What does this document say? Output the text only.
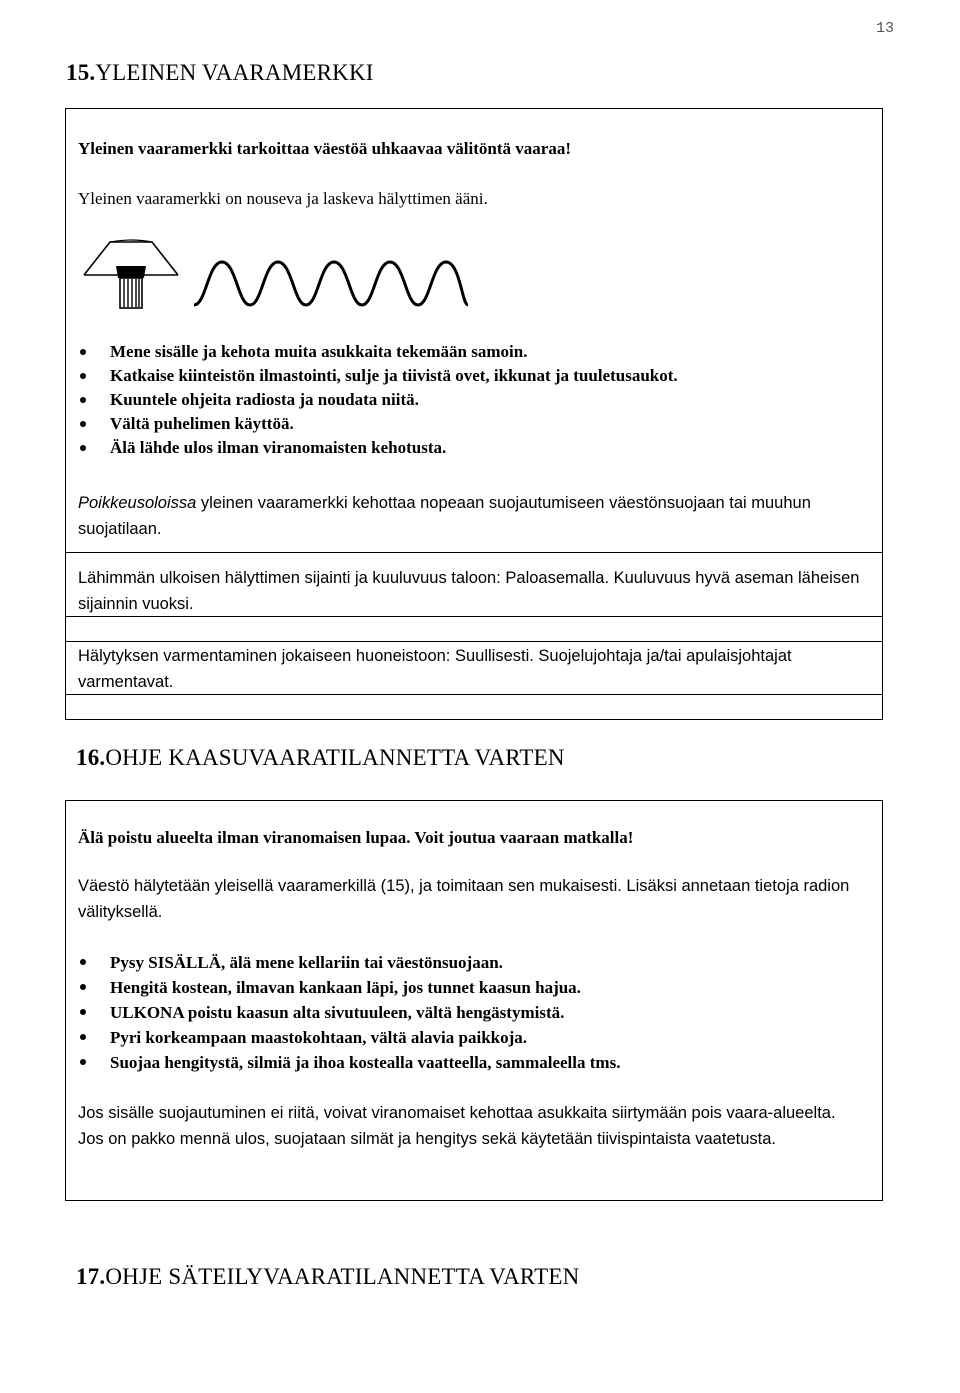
13
15.YLEINEN VAARAMERKKI

Yleinen vaaramerkki tarkoittaa väestöä uhkaavaa välitöntä vaaraa!

Yleinen vaaramerkki on nouseva ja laskeva hälyttimen ääni.

Mene sisälle ja kehota muita asukkaita tekemään samoin.
Katkaise kiinteistön ilmastointi, sulje ja tiivistä ovet, ikkunat ja tuuletusaukot.
Kuuntele ohjeita radiosta ja noudata niitä.
Vältä puhelimen käyttöä.
Älä lähde ulos ilman viranomaisten kehotusta.

Poikkeusoloissa yleinen vaaramerkki kehottaa nopeaan suojautumiseen väestönsuojaan tai muuhun suojatilaan.

Lähimmän ulkoisen hälyttimen sijainti ja kuuluvuus taloon: Paloasemalla. Kuuluvuus hyvä aseman läheisen sijainnin vuoksi.

Hälytyksen varmentaminen jokaiseen huoneistoon: Suullisesti. Suojelujohtaja ja/tai apulaisjohtajat varmentavat.

16.OHJE KAASUVAARATILANNETTA VARTEN

Älä poistu alueelta ilman viranomaisen lupaa. Voit joutua vaaraan matkalla!

Väestö hälytetään yleisellä vaaramerkillä (15), ja toimitaan sen mukaisesti. Lisäksi annetaan tietoja radion välityksellä.

Pysy SISÄLLÄ, älä mene kellariin tai väestönsuojaan.
Hengitä kostean, ilmavan kankaan läpi, jos tunnet kaasun hajua.
ULKONA poistu kaasun alta sivutuuleen, vältä hengästymistä.
Pyri korkeampaan maastokohtaan, vältä alavia paikkoja.
Suojaa hengitystä, silmiä ja ihoa kostealla vaatteella, sammaleella tms.

Jos sisälle suojautuminen ei riitä, voivat viranomaiset kehottaa asukkaita siirtymään pois vaara-alueelta. Jos on pakko mennä ulos, suojataan silmät ja hengitys sekä käytetään tiivispintaista vaatetusta.

17.OHJE SÄTEILYVAARATILANNETTA VARTEN
